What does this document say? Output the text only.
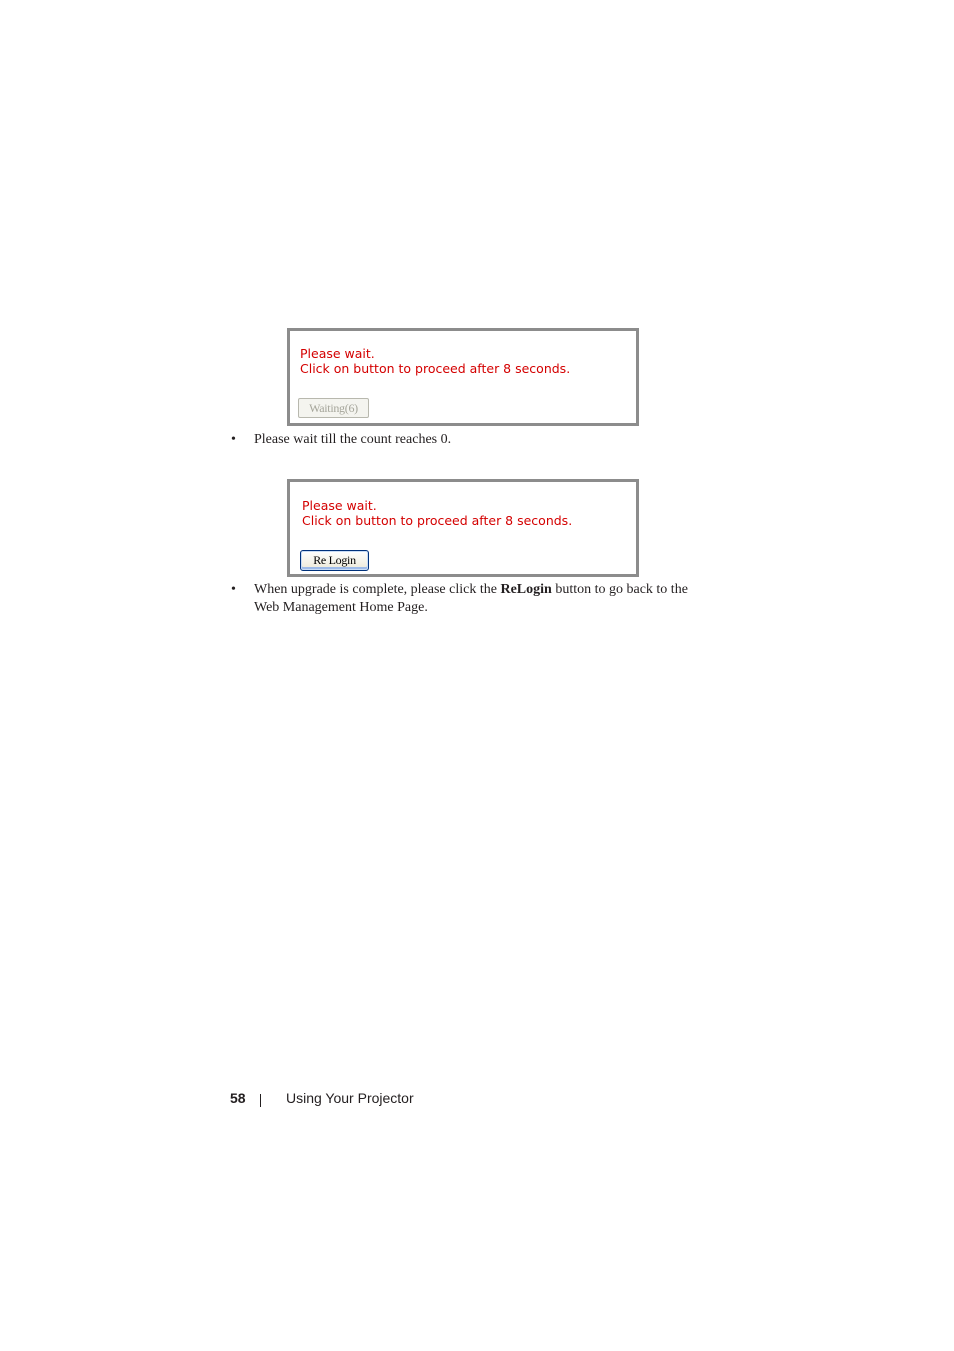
Please wait.
Click on button to proceed after 8 seconds.
Waiting(6)
• Please wait till the count reaches 0.
Please wait.
Click on button to proceed after 8 seconds.
Re Login
• When upgrade is complete, please click the ReLogin button to go back to the Web Management Home Page.
58	Using Your Projector
